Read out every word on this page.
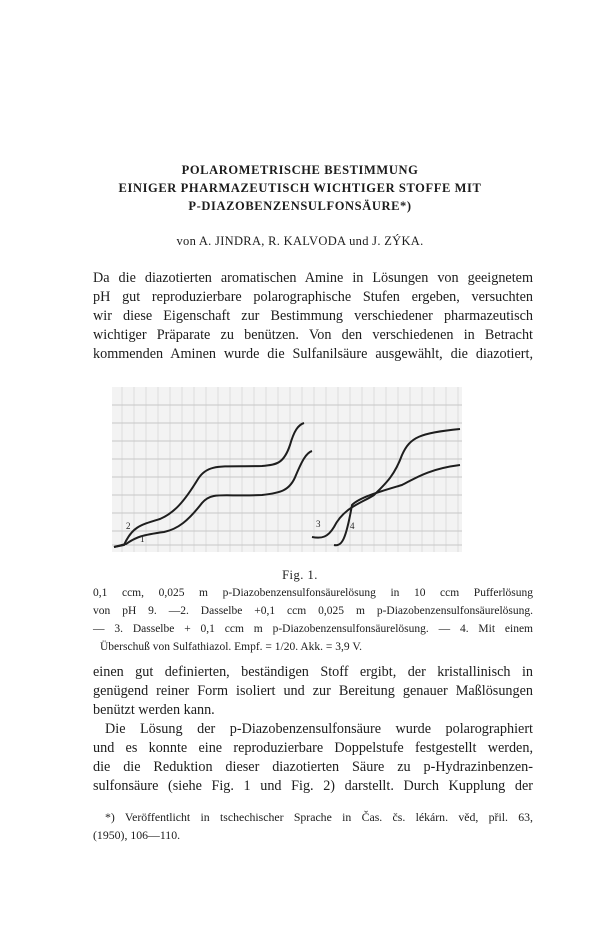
POLAROMETRISCHE BESTIMMUNG
EINIGER PHARMAZEUTISCH WICHTIGER STOFFE MIT
P-DIAZOBENZENSULFONSÄURE*)
von A. JINDRA, R. KALVODA und J. ZÝKA.
Da die diazotierten aromatischen Amine in Lösungen von geeignetem
pH gut reproduzierbare polarographische Stufen ergeben, versuchten
wir diese Eigenschaft zur Bestimmung verschiedener pharmazeutisch
wichtiger Präparate zu benützen. Von den verschiedenen in Betracht
kommenden Aminen wurde die Sulfanilsäure ausgewählt, die diazotiert,
2
1
3	4
Fig. 1.
0,1 ccm, 0,025 m p-Diazobenzensulfonsäurelösung in 10 ccm Pufferlösung
von pH 9. —2. Dasselbe +0,1 ccm 0,025 m p-Diazobenzensulfonsäurelösung.
— 3. Dasselbe + 0,1 ccm m p-Diazobenzensulfonsäurelösung. — 4. Mit einem
Überschuß von Sulfathiazol. Empf. = 1/20. Akk. = 3,9 V.
einen gut definierten, beständigen Stoff ergibt, der kristallinisch in
genügend reiner Form isoliert und zur Bereitung genauer Maßlösungen
benützt werden kann.
Die Lösung der p-Diazobenzensulfonsäure wurde polarographiert
und es konnte eine reproduzierbare Doppelstufe festgestellt werden,
die die Reduktion dieser diazotierten Säure zu p-Hydrazinbenzen-
sulfonsäure (siehe Fig. 1 und Fig. 2) darstellt. Durch Kupplung der
*) Veröffentlicht in tschechischer Sprache in Čas. čs. lékárn. věd, přil. 63,
(1950), 106—110.
